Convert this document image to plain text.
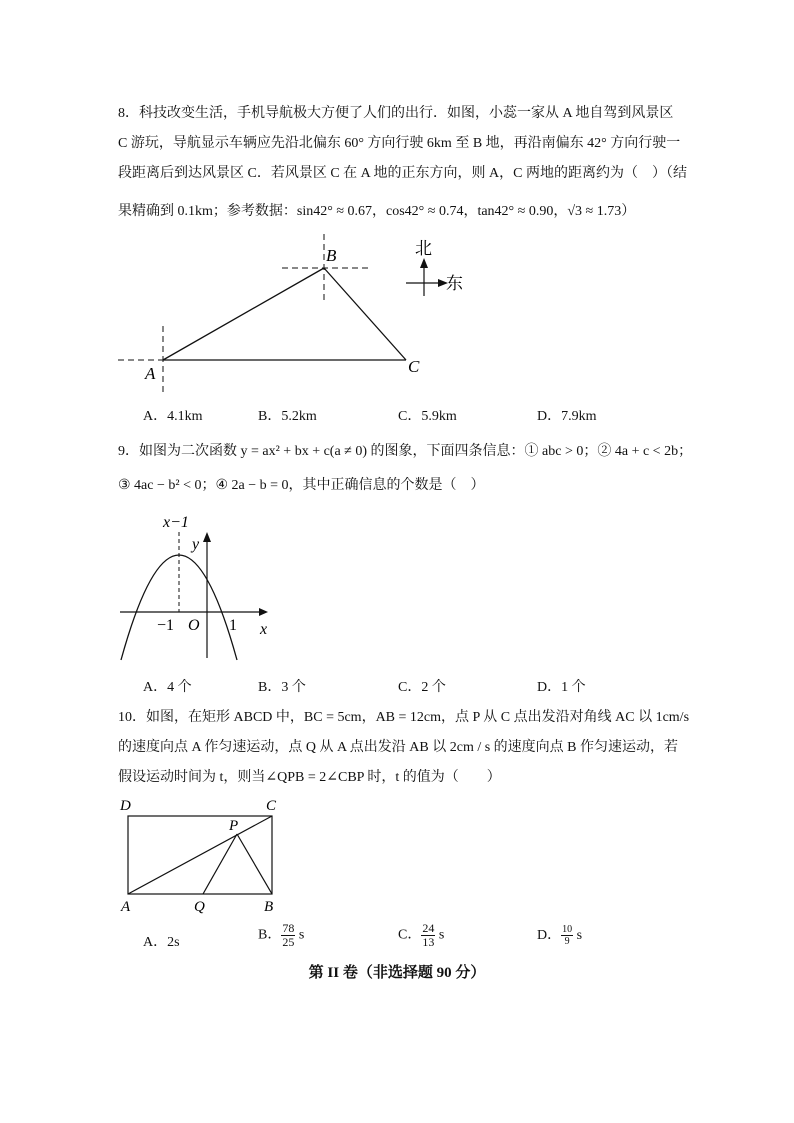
8．科技改变生活，手机导航极大方便了人们的出行．如图，小蕊一家从 A 地自驾到风景区
C 游玩，导航显示车辆应先沿北偏东 60° 方向行驶 6km 至 B 地，再沿南偏东 42° 方向行驶一
段距离后到达风景区 C．若风景区 C 在 A 地的正东方向，则 A，C 两地的距离约为（　）（结
果精确到 0.1km；参考数据：sin42° ≈ 0.67，cos42° ≈ 0.74，tan42° ≈ 0.90，√3 ≈ 1.73）
A
B
C
北
东
x−1
y
x
O
−1	1
D	C
A	B
Q
P
A．4.1km	B．5.2km	C．5.9km	D．7.9km
9．如图为二次函数 y = ax² + bx + c(a ≠ 0) 的图象，下面四条信息：① abc > 0；② 4a + c < 2b；
③ 4ac − b² < 0；④ 2a − b = 0，其中正确信息的个数是（　）
A．4 个	B．3 个	C．2 个	D．1 个
10．如图，在矩形 ABCD 中，BC = 5cm，AB = 12cm，点 P 从 C 点出发沿对角线 AC 以 1cm/s
的速度向点 A 作匀速运动，点 Q 从 A 点出发沿 AB 以 2cm / s 的速度向点 B 作匀速运动，若
假设运动时间为 t，则当∠QPB = 2∠CBP 时，t 的值为（　　）
A．2s	B． $\frac{78}{25}$ s	C． $\frac{24}{13}$ s	D． $\frac{10}{9}$ s
第 II 卷（非选择题 90 分）
